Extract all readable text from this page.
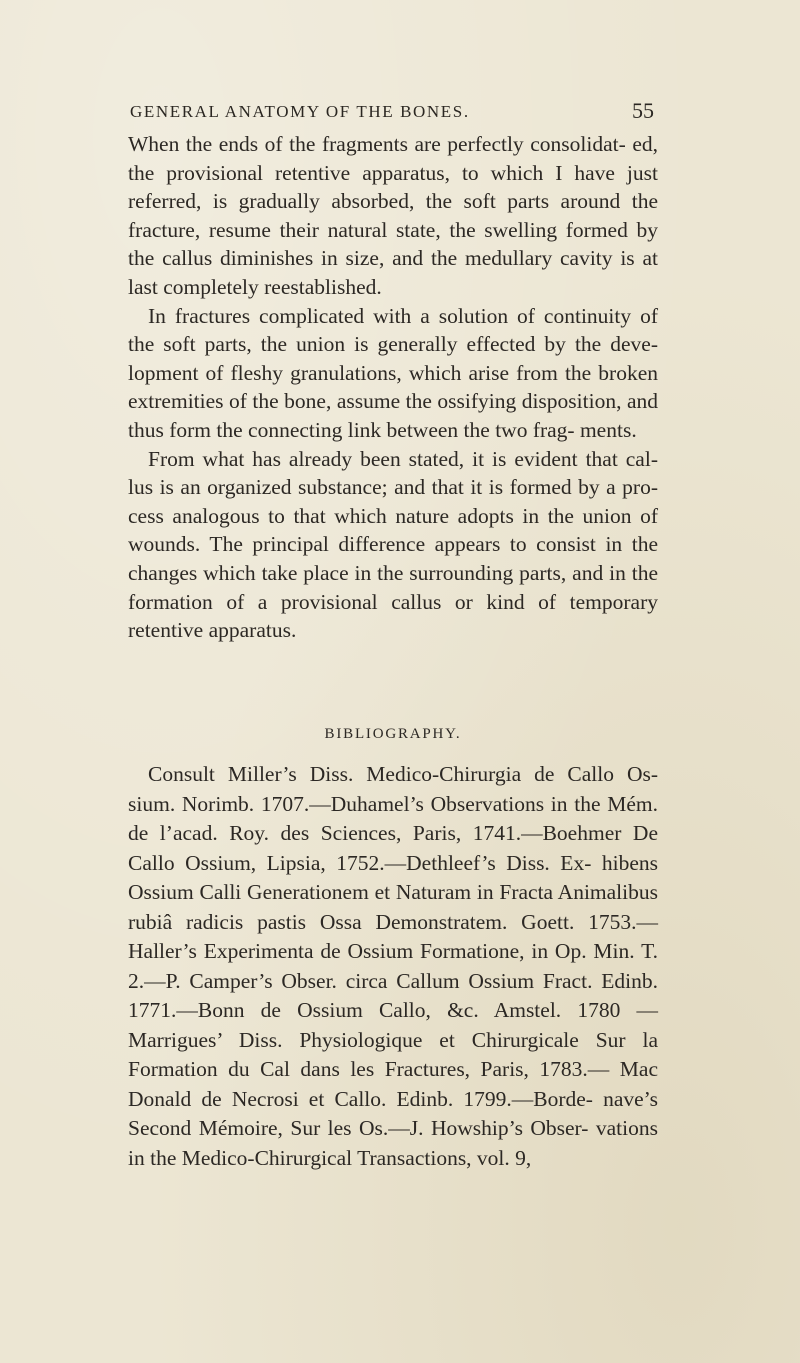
GENERAL ANATOMY OF THE BONES.	55

When the ends of the fragments are perfectly consolidat- ed, the provisional retentive apparatus, to which I have just referred, is gradually absorbed, the soft parts around the fracture, resume their natural state, the swelling formed by the callus diminishes in size, and the medullary cavity is at last completely reestablished.

In fractures complicated with a solution of continuity of the soft parts, the union is generally effected by the deve- lopment of fleshy granulations, which arise from the broken extremities of the bone, assume the ossifying disposition, and thus form the connecting link between the two frag- ments.

From what has already been stated, it is evident that cal- lus is an organized substance; and that it is formed by a pro- cess analogous to that which nature adopts in the union of wounds. The principal difference appears to consist in the changes which take place in the surrounding parts, and in the formation of a provisional callus or kind of temporary retentive apparatus.

BIBLIOGRAPHY.

Consult Miller’s Diss. Medico-Chirurgia de Callo Os- sium. Norimb. 1707.—Duhamel’s Observations in the Mém. de l’acad. Roy. des Sciences, Paris, 1741.—Boehmer De Callo Ossium, Lipsia, 1752.—Dethleef’s Diss. Ex- hibens Ossium Calli Generationem et Naturam in Fracta Animalibus rubiâ radicis pastis Ossa Demonstratem. Goett. 1753.—Haller’s Experimenta de Ossium Formatione, in Op. Min. T. 2.—P. Camper’s Obser. circa Callum Ossium Fract. Edinb. 1771.—Bonn de Ossium Callo, &c. Amstel. 1780 —Marrigues’ Diss. Physiologique et Chirurgicale Sur la Formation du Cal dans les Fractures, Paris, 1783.— Mac Donald de Necrosi et Callo. Edinb. 1799.—Borde- nave’s Second Mémoire, Sur les Os.—J. Howship’s Obser- vations in the Medico-Chirurgical Transactions, vol. 9,
